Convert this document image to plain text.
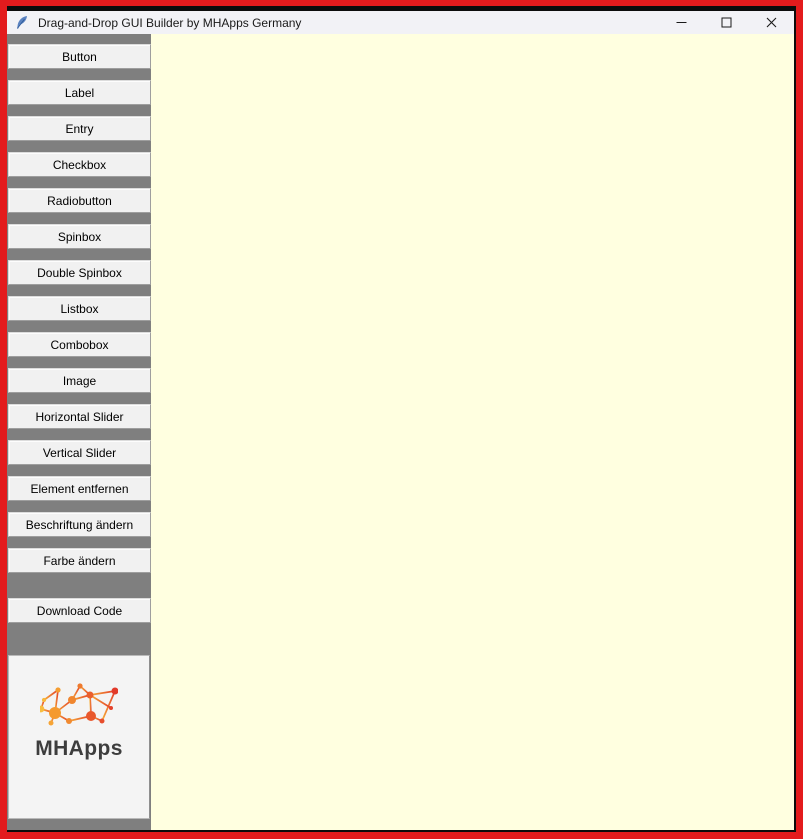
Drag-and-Drop GUI Builder by MHApps Germany
Button
Label
Entry
Checkbox
Radiobutton
Spinbox
Double Spinbox
Listbox
Combobox
Image
Horizontal Slider
Vertical Slider
Element entfernen
Beschriftung ändern
Farbe ändern
Download Code
MHApps
